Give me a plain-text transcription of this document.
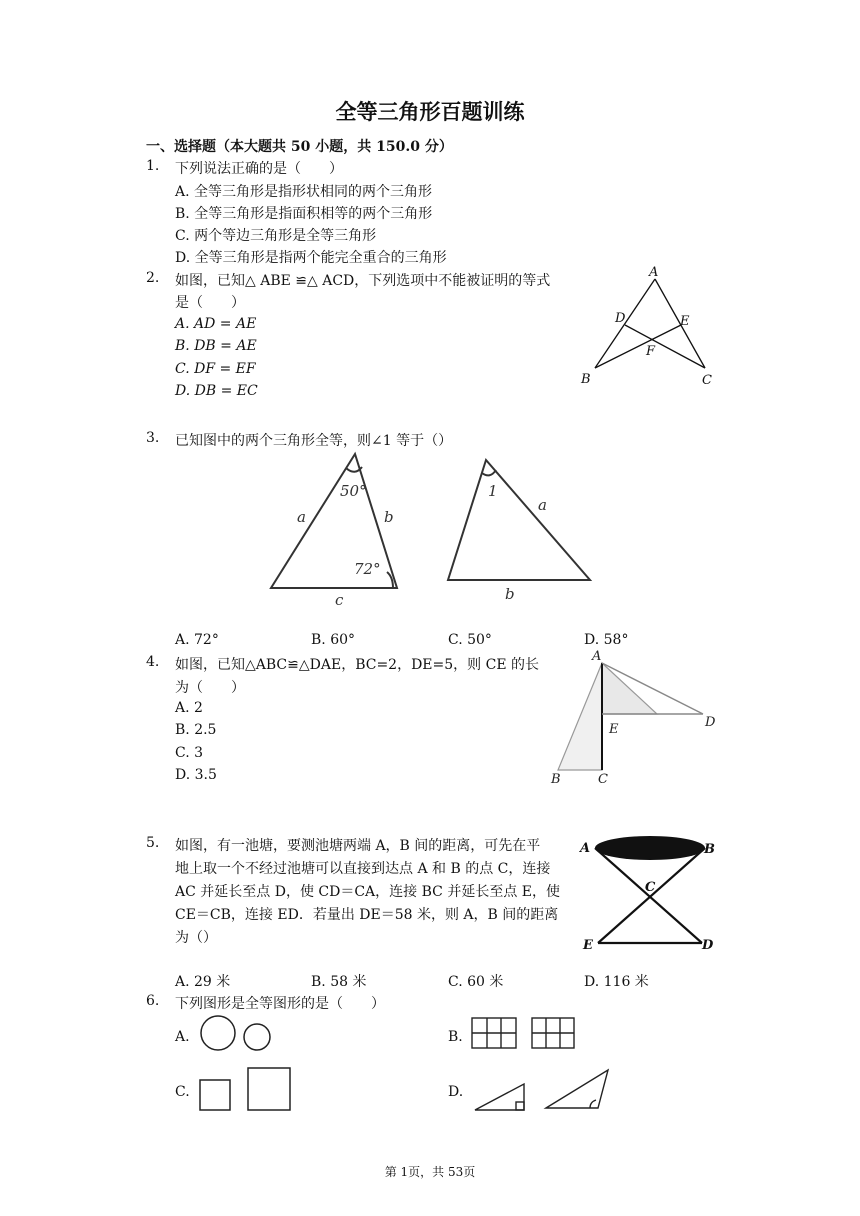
全等三角形百题训练
一、选择题（本大题共 50 小题，共 150.0 分）
1. 下列说法正确的是（　　）
A. 全等三角形是指形状相同的两个三角形
B. 全等三角形是指面积相等的两个三角形
C. 两个等边三角形是全等三角形
D. 全等三角形是指两个能完全重合的三角形
2. 如图，已知△ ABE ≌△ ACD，下列选项中不能被证明的等式
是（　　）
A. AD = AE
B. DB = AE
C. DF = EF
D. DB = EC
A
B	C
D	E
F
3. 已知图中的两个三角形全等，则∠1 等于（）
50°
72°
a	b
c
a
b
1
A. 72°	B. 60°	C. 50°	D. 58°
4. 如图，已知△ABC≌△DAE，BC=2，DE=5，则 CE 的长
为（　　）
A. 2
B. 2.5
C. 3
D. 3.5
A
B	C
D
E
5. 如图，有一池塘，要测池塘两端 A，B 间的距离，可先在平
地上取一个不经过池塘可以直接到达点 A 和 B 的点 C，连接
AC 并延长至点 D，使 CD＝CA，连接 BC 并延长至点 E，使
CE＝CB，连接 ED．若量出 DE＝58 米，则 A，B 间的距离
为（）
A	B
C
D
E
A. 29 米	B. 58 米	C. 60 米	D. 116 米
6. 下列图形是全等图形的是（　　）
A.	B.
C.	D.
第 1页，共 53页
